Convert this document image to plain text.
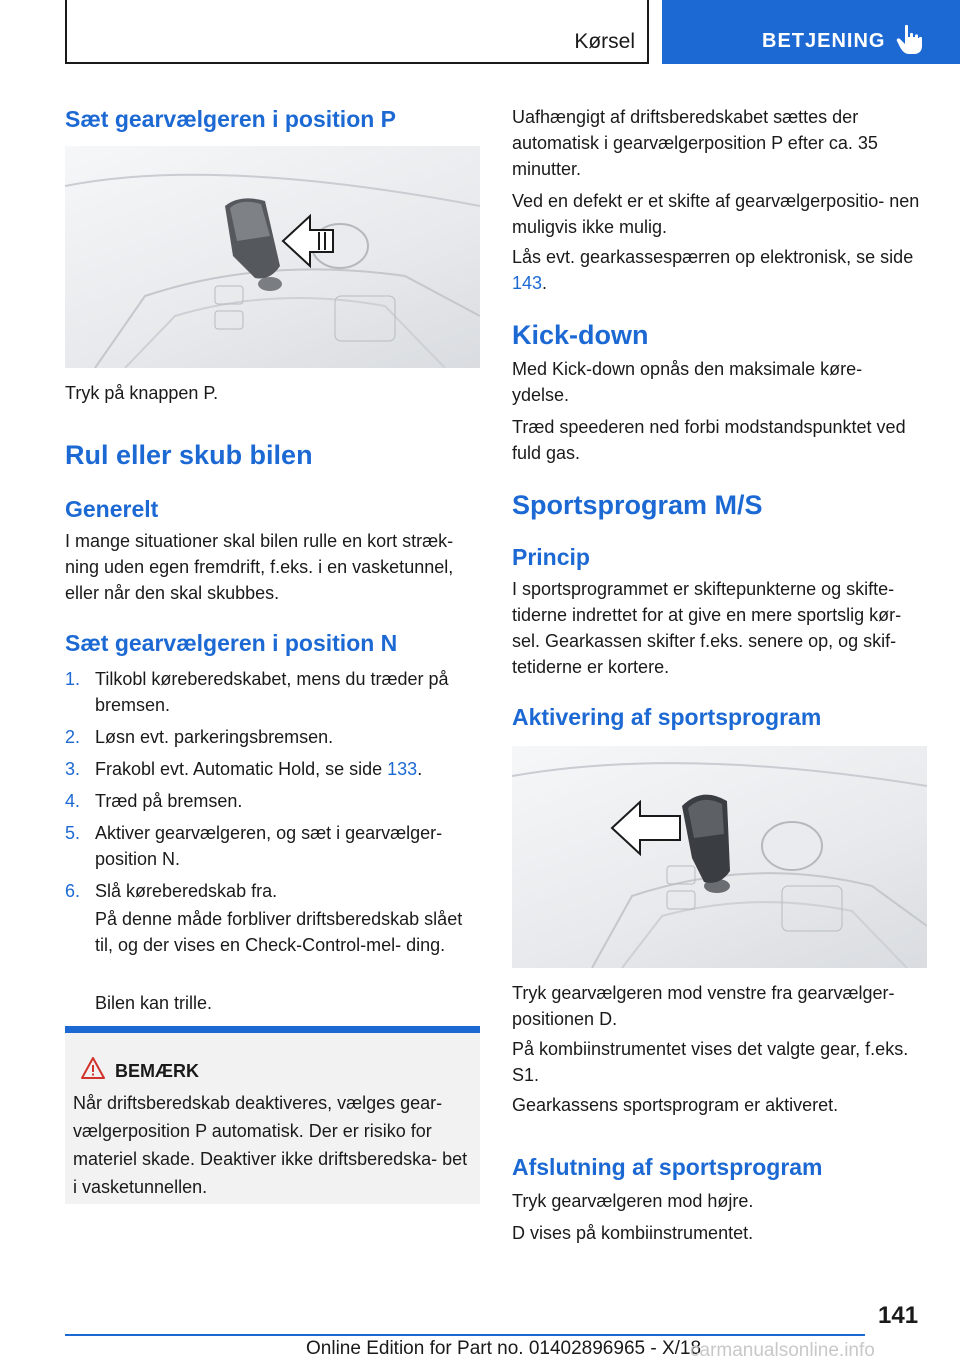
Kørsel	BETJENING
Sæt gearvælgeren i position P

Tryk på knappen P.

Rul eller skub bilen
Generelt

I mange situationer skal bilen rulle en kort stræk- ning uden egen fremdrift, f.eks. i en vasketunnel, eller når den skal skubbes.

Sæt gearvælgeren i position N
1. Tilkobl køreberedskabet, mens du træder på bremsen.
2. Løsn evt. parkeringsbremsen.
3. Frakobl evt. Automatic Hold, se side 133.
4. Træd på bremsen.
5. Aktiver gearvælgeren, og sæt i gearvælger- position N.
6. Slå køreberedskab fra.

På denne måde forbliver driftsberedskab slået til, og der vises en Check-Control-mel- ding.

Bilen kan trille.

BEMÆRK

Når driftsberedskab deaktiveres, vælges gear- vælgerposition P automatisk. Der er risiko for materiel skade. Deaktiver ikke driftsberedska- bet i vasketunnellen.

Uafhængigt af driftsberedskabet sættes der automatisk i gearvælgerposition P efter ca. 35 minutter.

Ved en defekt er et skifte af gearvælgerpositio- nen muligvis ikke mulig.

Lås evt. gearkassespærren op elektronisk, se side 143.

Kick-down

Med Kick-down opnås den maksimale køre- ydelse.

Træd speederen ned forbi modstandspunktet ved fuld gas.

Sportsprogram M/S
Princip

I sportsprogrammet er skiftepunkterne og skifte- tiderne indrettet for at give en mere sportslig kør- sel. Gearkassen skifter f.eks. senere op, og skif- tetiderne er kortere.

Aktivering af sportsprogram

Tryk gearvælgeren mod venstre fra gearvælger- positionen D.

På kombiinstrumentet vises det valgte gear, f.eks. S1.

Gearkassens sportsprogram er aktiveret.

Afslutning af sportsprogram

Tryk gearvælgeren mod højre.

D vises på kombiinstrumentet.

141
Online Edition for Part no. 01402896965 - X/18
carmanualsonline.info
